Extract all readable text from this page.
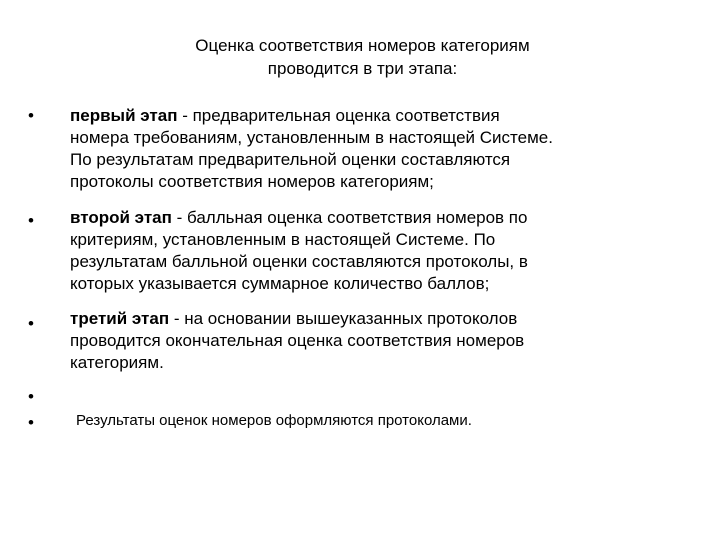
Оценка соответствия номеров категориям
проводится в три этапа:
• первый этап - предварительная оценка соответствия
номера требованиям, установленным в настоящей Системе.
По результатам предварительной оценки составляются
протоколы соответствия номеров категориям;
• второй этап - балльная оценка соответствия номеров по
критериям, установленным в настоящей Системе. По
результатам балльной оценки составляются протоколы, в
которых указывается суммарное количество баллов;
• третий этап - на основании вышеуказанных протоколов
проводится окончательная оценка соответствия номеров
категориям.
•
•	Результаты оценок номеров оформляются протоколами.
